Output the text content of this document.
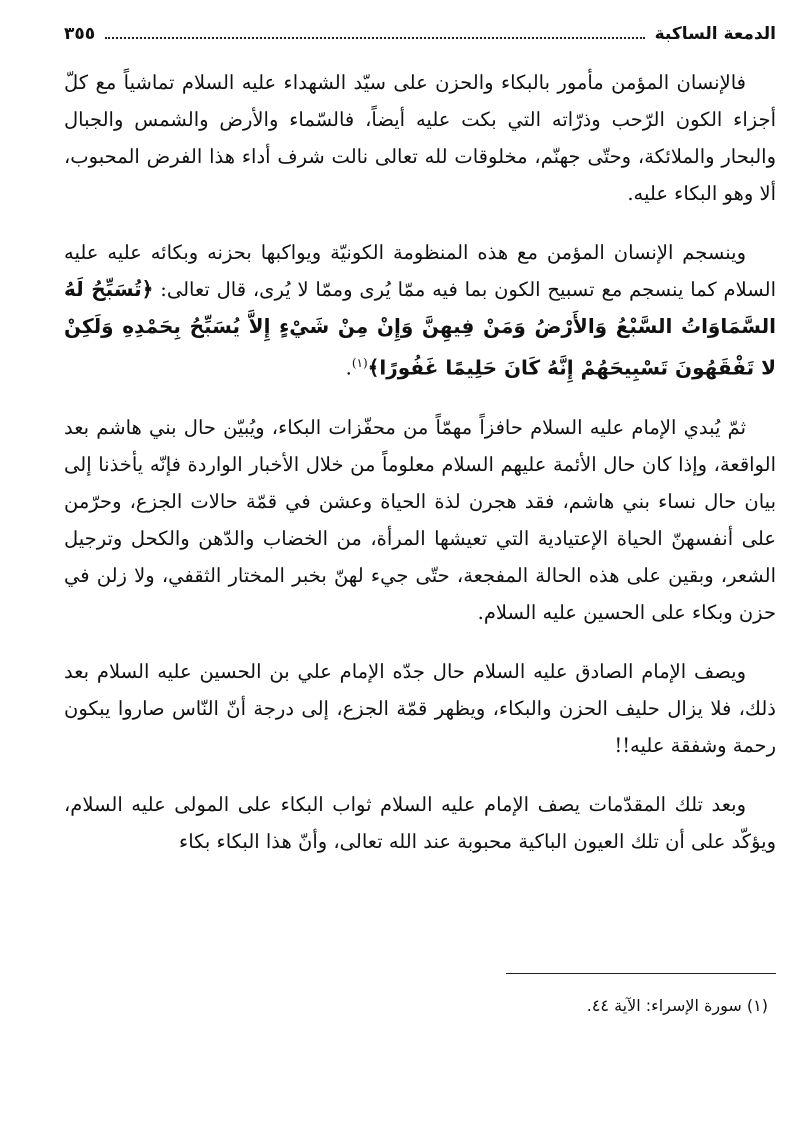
الدمعة الساكبة
٣٥٥

فالإنسان المؤمن مأمور بالبكاء والحزن على سيّد الشهداء عليه السلام تماشياً مع كلّ أجزاء الكون الرّحب وذرّاته التي بكت عليه أيضاً، فالسّماء والأرض والشمس والجبال والبحار والملائكة، وحتّى جهنّم، مخلوقات لله تعالى نالت شرف أداء هذا الفرض المحبوب، ألا وهو البكاء عليه.

وينسجم الإنسان المؤمن مع هذه المنظومة الكونيّة ويواكبها بحزنه وبكائه عليه عليه السلام كما ينسجم مع تسبيح الكون بما فيه ممّا يُرى وممّا لا يُرى، قال تعالى: ﴿تُسَبِّحُ لَهُ السَّمَاوَاتُ السَّبْعُ وَالأَرْضُ وَمَنْ فِيهِنَّ وَإِنْ مِنْ شَيْءٍ إِلاَّ يُسَبِّحُ بِحَمْدِهِ وَلَكِنْ لا تَفْقَهُونَ تَسْبِيحَهُمْ إِنَّهُ كَانَ حَلِيمًا غَفُورًا﴾$^{(١)}$.

ثمّ يُبدي الإمام عليه السلام حافزاً مهمّاً من محفّزات البكاء، ويُبيّن حال بني هاشم بعد الواقعة، وإذا كان حال الأئمة عليهم السلام معلوماً من خلال الأخبار الواردة فإنّه يأخذنا إلى بيان حال نساء بني هاشم، فقد هجرن لذة الحياة وعشن في قمّة حالات الجزع، وحرّمن على أنفسهنّ الحياة الإعتيادية التي تعيشها المرأة، من الخضاب والدّهن والكحل وترجيل الشعر، وبقين على هذه الحالة المفجعة، حتّى جيء لهنّ بخبر المختار الثقفي، ولا زلن في حزن وبكاء على الحسين عليه السلام.

ويصف الإمام الصادق عليه السلام حال جدّه الإمام علي بن الحسين عليه السلام بعد ذلك، فلا يزال حليف الحزن والبكاء، ويظهر قمّة الجزع، إلى درجة أنّ النّاس صاروا يبكون رحمة وشفقة عليه!!

وبعد تلك المقدّمات يصف الإمام عليه السلام ثواب البكاء على المولى عليه السلام، ويؤكّد على أن تلك العيون الباكية محبوبة عند الله تعالى، وأنّ هذا البكاء بكاء

(١) سورة الإسراء: الآية ٤٤.
